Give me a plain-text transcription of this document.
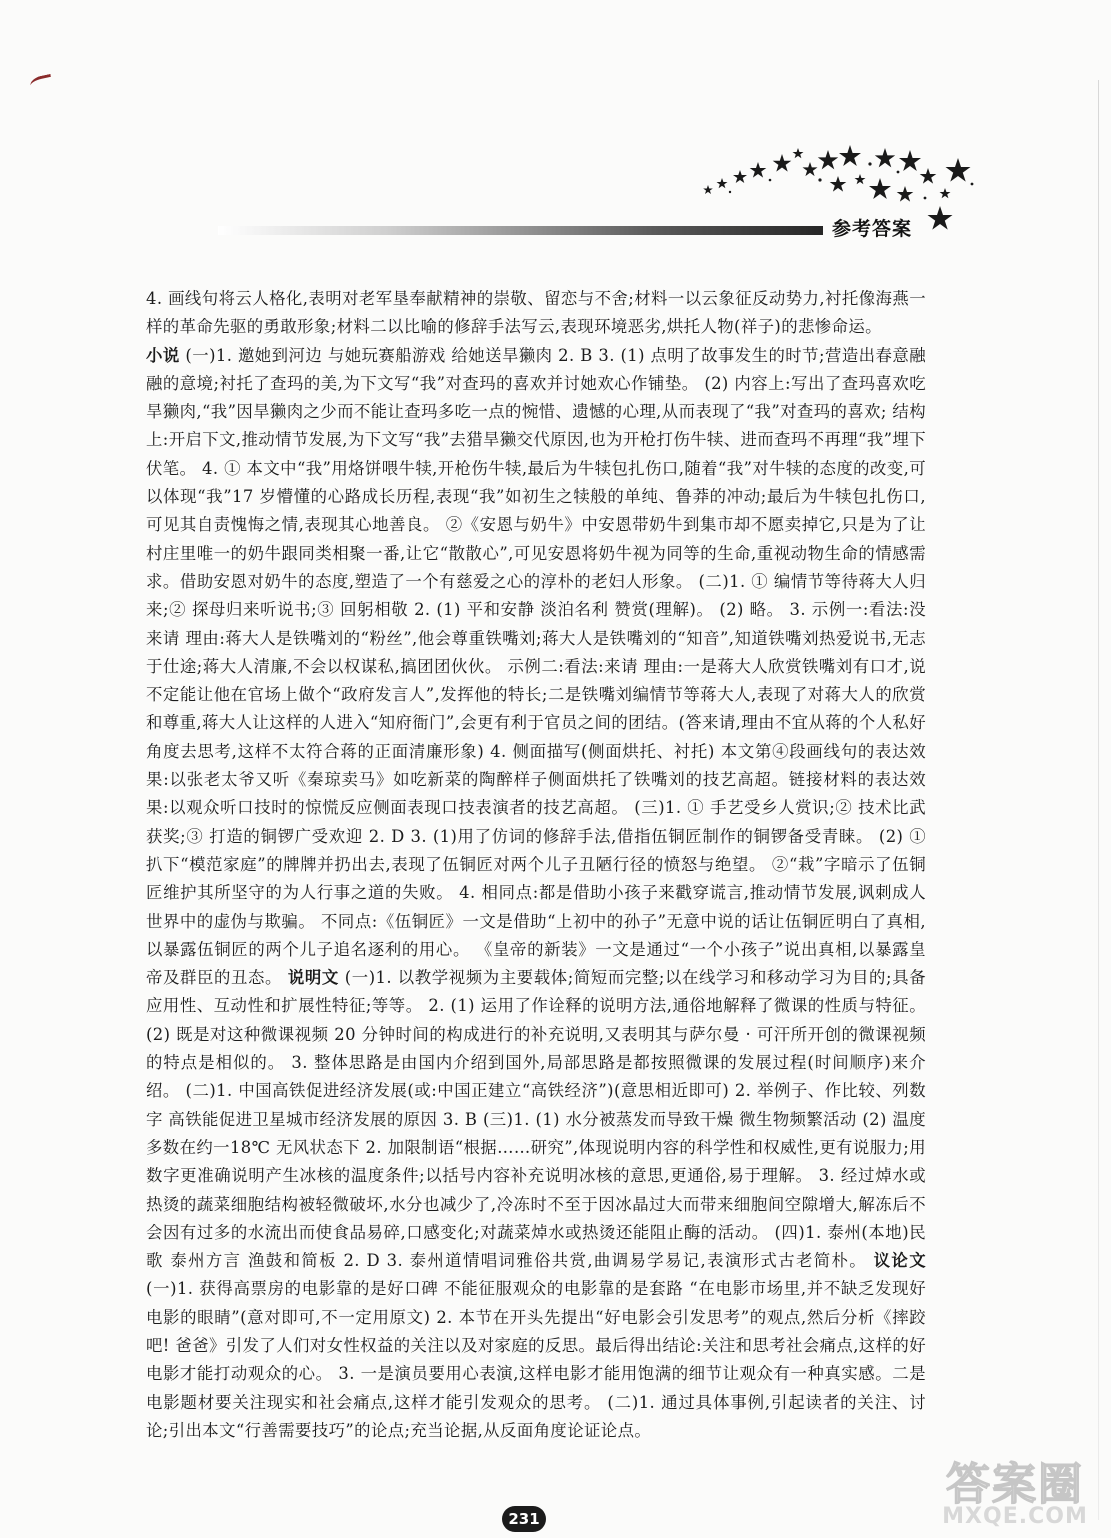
参考答案

4. 画线句将云人格化,表明对老军垦奉献精神的崇敬、留恋与不舍;材料一以云象征反动势力,衬托像海燕一样的革命先驱的勇敢形象;材料二以比喻的修辞手法写云,表现环境恶劣,烘托人物(祥子)的悲惨命运。
小说 (一)1. 邀她到河边 与她玩赛船游戏 给她送旱獭肉 2. B 3. (1) 点明了故事发生的时节;营造出春意融融的意境;衬托了查玛的美,为下文写“我”对查玛的喜欢并讨她欢心作铺垫。 (2) 内容上:写出了查玛喜欢吃旱獭肉,“我”因旱獭肉之少而不能让查玛多吃一点的惋惜、遗憾的心理,从而表现了“我”对查玛的喜欢; 结构上:开启下文,推动情节发展,为下文写“我”去猎旱獭交代原因,也为开枪打伤牛犊、进而查玛不再理“我”埋下伏笔。 4. ① 本文中“我”用烙饼喂牛犊,开枪伤牛犊,最后为牛犊包扎伤口,随着“我”对牛犊的态度的改变,可以体现“我”17 岁懵懂的心路成长历程,表现“我”如初生之犊般的单纯、鲁莽的冲动;最后为牛犊包扎伤口,可见其自责愧悔之情,表现其心地善良。 ②《安恩与奶牛》中安恩带奶牛到集市却不愿卖掉它,只是为了让村庄里唯一的奶牛跟同类相聚一番,让它“散散心”,可见安恩将奶牛视为同等的生命,重视动物生命的情感需求。借助安恩对奶牛的态度,塑造了一个有慈爱之心的淳朴的老妇人形象。 (二)1. ① 编情节等待蒋大人归来;② 探母归来听说书;③ 回躬相敬 2. (1) 平和安静 淡泊名利 赞赏(理解)。 (2) 略。 3. 示例一:看法:没来请 理由:蒋大人是铁嘴刘的“粉丝”,他会尊重铁嘴刘;蒋大人是铁嘴刘的“知音”,知道铁嘴刘热爱说书,无志于仕途;蒋大人清廉,不会以权谋私,搞团团伙伙。 示例二:看法:来请 理由:一是蒋大人欣赏铁嘴刘有口才,说不定能让他在官场上做个“政府发言人”,发挥他的特长;二是铁嘴刘编情节等蒋大人,表现了对蒋大人的欣赏和尊重,蒋大人让这样的人进入“知府衙门”,会更有利于官员之间的团结。(答来请,理由不宜从蒋的个人私好角度去思考,这样不太符合蒋的正面清廉形象) 4. 侧面描写(侧面烘托、衬托) 本文第④段画线句的表达效果:以张老太爷又听《秦琼卖马》如吃新菜的陶醉样子侧面烘托了铁嘴刘的技艺高超。链接材料的表达效果:以观众听口技时的惊慌反应侧面表现口技表演者的技艺高超。 (三)1. ① 手艺受乡人赏识;② 技术比武获奖;③ 打造的铜锣广受欢迎 2. D 3. (1)用了仿词的修辞手法,借指伍铜匠制作的铜锣备受青睐。 (2) ①扒下“模范家庭”的牌牌并扔出去,表现了伍铜匠对两个儿子丑陋行径的愤怒与绝望。 ②“栽”字暗示了伍铜匠维护其所坚守的为人行事之道的失败。 4. 相同点:都是借助小孩子来戳穿谎言,推动情节发展,讽刺成人世界中的虚伪与欺骗。 不同点:《伍铜匠》一文是借助“上初中的孙子”无意中说的话让伍铜匠明白了真相,以暴露伍铜匠的两个儿子追名逐利的用心。 《皇帝的新装》一文是通过“一个小孩子”说出真相,以暴露皇帝及群臣的丑态。 说明文 (一)1. 以教学视频为主要载体;简短而完整;以在线学习和移动学习为目的;具备应用性、互动性和扩展性特征;等等。 2. (1) 运用了作诠释的说明方法,通俗地解释了微课的性质与特征。 (2) 既是对这种微课视频 20 分钟时间的构成进行的补充说明,又表明其与萨尔曼 · 可汗所开创的微课视频的特点是相似的。 3. 整体思路是由国内介绍到国外,局部思路是都按照微课的发展过程(时间顺序)来介绍。 (二)1. 中国高铁促进经济发展(或:中国正建立“高铁经济”)(意思相近即可) 2. 举例子、作比较、列数字 高铁能促进卫星城市经济发展的原因 3. B (三)1. (1) 水分被蒸发而导致干燥 微生物频繁活动 (2) 温度多数在约一18℃ 无风状态下 2. 加限制语“根据……研究”,体现说明内容的科学性和权威性,更有说服力;用数字更准确说明产生冰核的温度条件;以括号内容补充说明冰核的意思,更通俗,易于理解。 3. 经过焯水或热烫的蔬菜细胞结构被轻微破坏,水分也减少了,冷冻时不至于因冰晶过大而带来细胞间空隙增大,解冻后不会因有过多的水流出而使食品易碎,口感变化;对蔬菜焯水或热烫还能阻止酶的活动。 (四)1. 泰州(本地)民歌 泰州方言 渔鼓和简板 2. D 3. 泰州道情唱词雅俗共赏,曲调易学易记,表演形式古老简朴。 议论文 (一)1. 获得高票房的电影靠的是好口碑 不能征服观众的电影靠的是套路 “在电影市场里,并不缺乏发现好电影的眼睛”(意对即可,不一定用原文) 2. 本节在开头先提出“好电影会引发思考”的观点,然后分析《摔跤吧! 爸爸》引发了人们对女性权益的关注以及对家庭的反思。最后得出结论:关注和思考社会痛点,这样的好电影才能打动观众的心。 3. 一是演员要用心表演,这样电影才能用饱满的细节让观众有一种真实感。二是电影题材要关注现实和社会痛点,这样才能引发观众的思考。 (二)1. 通过具体事例,引起读者的关注、讨论;引出本文“行善需要技巧”的论点;充当论据,从反面角度论证论点。

231
答案圈
MXQE.COM
